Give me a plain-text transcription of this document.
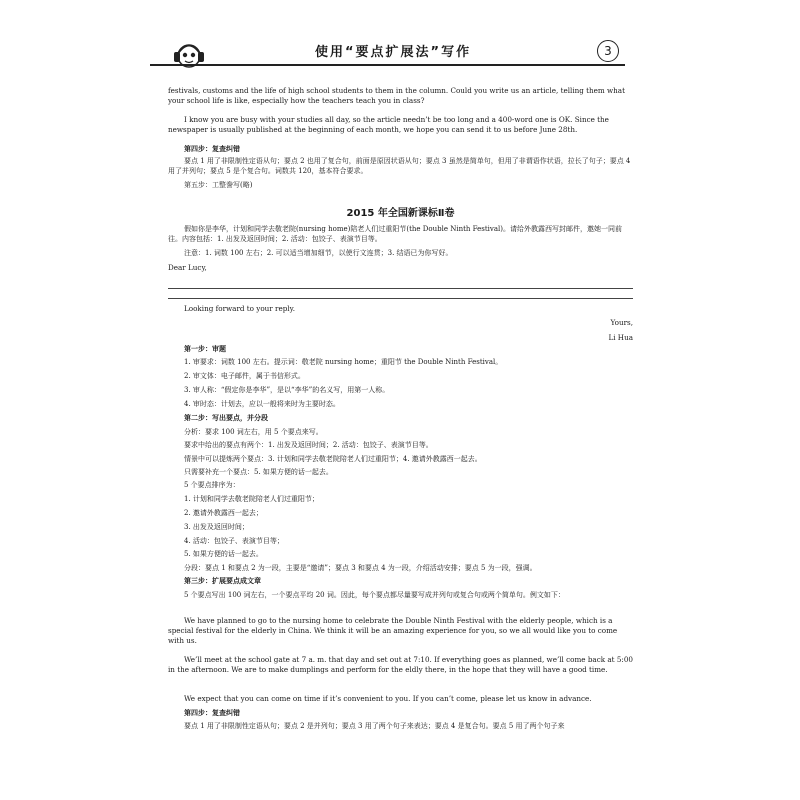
使用“要点扩展法”写作	3

festivals, customs and the life of high school students to them in the column. Could you write us an article, telling them what your school life is like, especially how the teachers teach you in class?

I know you are busy with your studies all day, so the article needn’t be too long and a 400-word one is OK. Since the newspaper is usually published at the beginning of each month, we hope you can send it to us before June 28th.

第四步：复查纠错

要点 1 用了非限制性定语从句；要点 2 也用了复合句，前面是原因状语从句；要点 3 虽然是简单句，但用了非谓语作状语，拉长了句子；要点 4 用了并列句；要点 5 是个复合句。词数共 120，基本符合要求。

第五步：工整誊写(略)

2015 年全国新课标Ⅱ卷

假如你是李华，计划和同学去敬老院(nursing home)陪老人们过重阳节(the Double Ninth Festival)。请给外教露西写封邮件，邀她一同前往。内容包括：1. 出发及返回时间；2. 活动：包饺子、表演节目等。

注意：1. 词数 100 左右；2. 可以适当增加细节，以使行文连贯；3. 结语已为你写好。

Dear Lucy,

Looking forward to your reply.

Yours,

Li Hua

第一步：审题

1. 审要求：词数 100 左右。提示词：敬老院 nursing home；重阳节 the Double Ninth Festival。

2. 审文体：电子邮件，属于书信形式。

3. 审人称：“假定你是李华”，是以“李华”的名义写，用第一人称。

4. 审时态：计划去，应以一般将来时为主要时态。

第二步：写出要点，并分段

分析：要求 100 词左右，用 5 个要点来写。

要求中给出的要点有两个：1. 出发及返回时间；2. 活动：包饺子、表演节目等。

情景中可以提炼两个要点：3. 计划和同学去敬老院陪老人们过重阳节；4. 邀请外教露西一起去。

只需要补充一个要点：5. 如果方便的话一起去。

5 个要点排序为：

1. 计划和同学去敬老院陪老人们过重阳节；

2. 邀请外教露西一起去；

3. 出发及返回时间；

4. 活动：包饺子、表演节目等；

5. 如果方便的话一起去。

分段：要点 1 和要点 2 为一段，主要是“邀请”；要点 3 和要点 4 为一段，介绍活动安排；要点 5 为一段，强调。

第三步：扩展要点成文章

5 个要点写出 100 词左右，一个要点平均 20 词。因此，每个要点都尽量要写成并列句或复合句或两个简单句。例文如下：

We have planned to go to the nursing home to celebrate the Double Ninth Festival with the elderly people, which is a special festival for the elderly in China. We think it will be an amazing experience for you, so we all would like you to come with us.

We’ll meet at the school gate at 7 a. m. that day and set out at 7:10. If everything goes as planned, we’ll come back at 5:00 in the afternoon. We are to make dumplings and perform for the eldly there, in the hope that they will have a good time.

We expect that you can come on time if it’s convenient to you. If you can’t come, please let us know in advance.

第四步：复查纠错

要点 1 用了非限制性定语从句；要点 2 是并列句；要点 3 用了两个句子来表达；要点 4 是复合句。要点 5 用了两个句子来
